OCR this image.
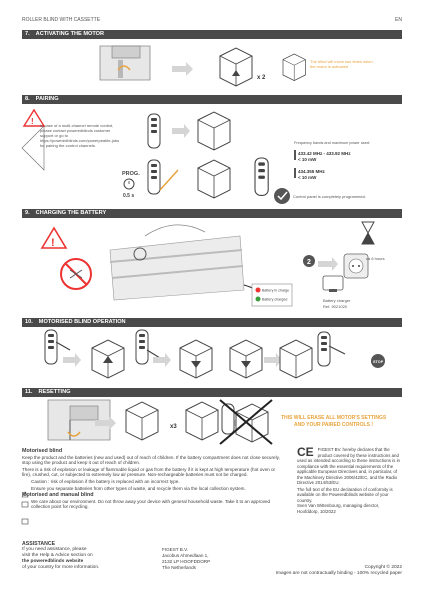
ROLLER BLIND WITH CASSETTE	EN
7. ACTIVATING THE MOTOR
8. PAIRING
9. CHARGING THE BATTERY
10. MOTORISED BLIND OPERATION
11. RESETTING
x 2
The blind will move two times when
the motor is activated
! In case of a multi-channel remote control,
please contact poweredblinds customer
support or go to
https://poweredblinds.com/powerpeable-jobs
for pairing the control channels.
PROG.
0.5 s
Frequency bands and maximum power used:
433.42 MHz - 433.92 MHz
< 10 mW
434.355 MHz
< 10 mW
Control panel is completely programmed.
!
2
ca 6 hours
Battery in charge
Battery charged	Battery charger
Ref. 9021020
STOP
x3
THIS WILL ERASE ALL MOTOR'S SETTINGS
AND YOUR PAIRED CONTROLS !
Motorised blind

Keep the product and the batteries (new and used) out of reach of children. If the battery compartment does not close securely, stop using the product and keep it out of reach of children.

There is a risk of explosion or leakage of flammable liquid or gas from the battery if it is kept at high temperature (hot oven or fire), crushed, cut, or subjected to extremely low air pressure. Non-rechargeable batteries must not be charged.

Caution : risk of explosion if the battery is replaced with an incorrect type.

Ensure you separate batteries from other types of waste, and recycle them via the local collection system.

Motorised and manual blind

We care about our environment. Do not throw away your device with general household waste. Take it to an approved collection point for recycling.

CE FIGEST BV. hereby declares that the product covered by these instructions and used as intended according to these instructions is in compliance with the essential requirements of the applicable European Directives and, in particular, of the Machinery Directive 2006/42/EC, and the Radio Directive 2014/53/EU.
The full text of the EU declaration of conformity is available on the Poweredblinds website of your country.
Sven Van Wittenbourg, managing director,
Hoofddorp, 10/2022
ASSISTANCE
If you need assistance, please
visit the Help & Advice section on
the poweredblinds website
of your country for more information.
FIGEST B.V.
Jacobus Ahmedlaan 1,
2132 LP HOOFDDORP
The Netherlands	Copyright © 2022
Images are not contractually binding - 100% recycled paper
